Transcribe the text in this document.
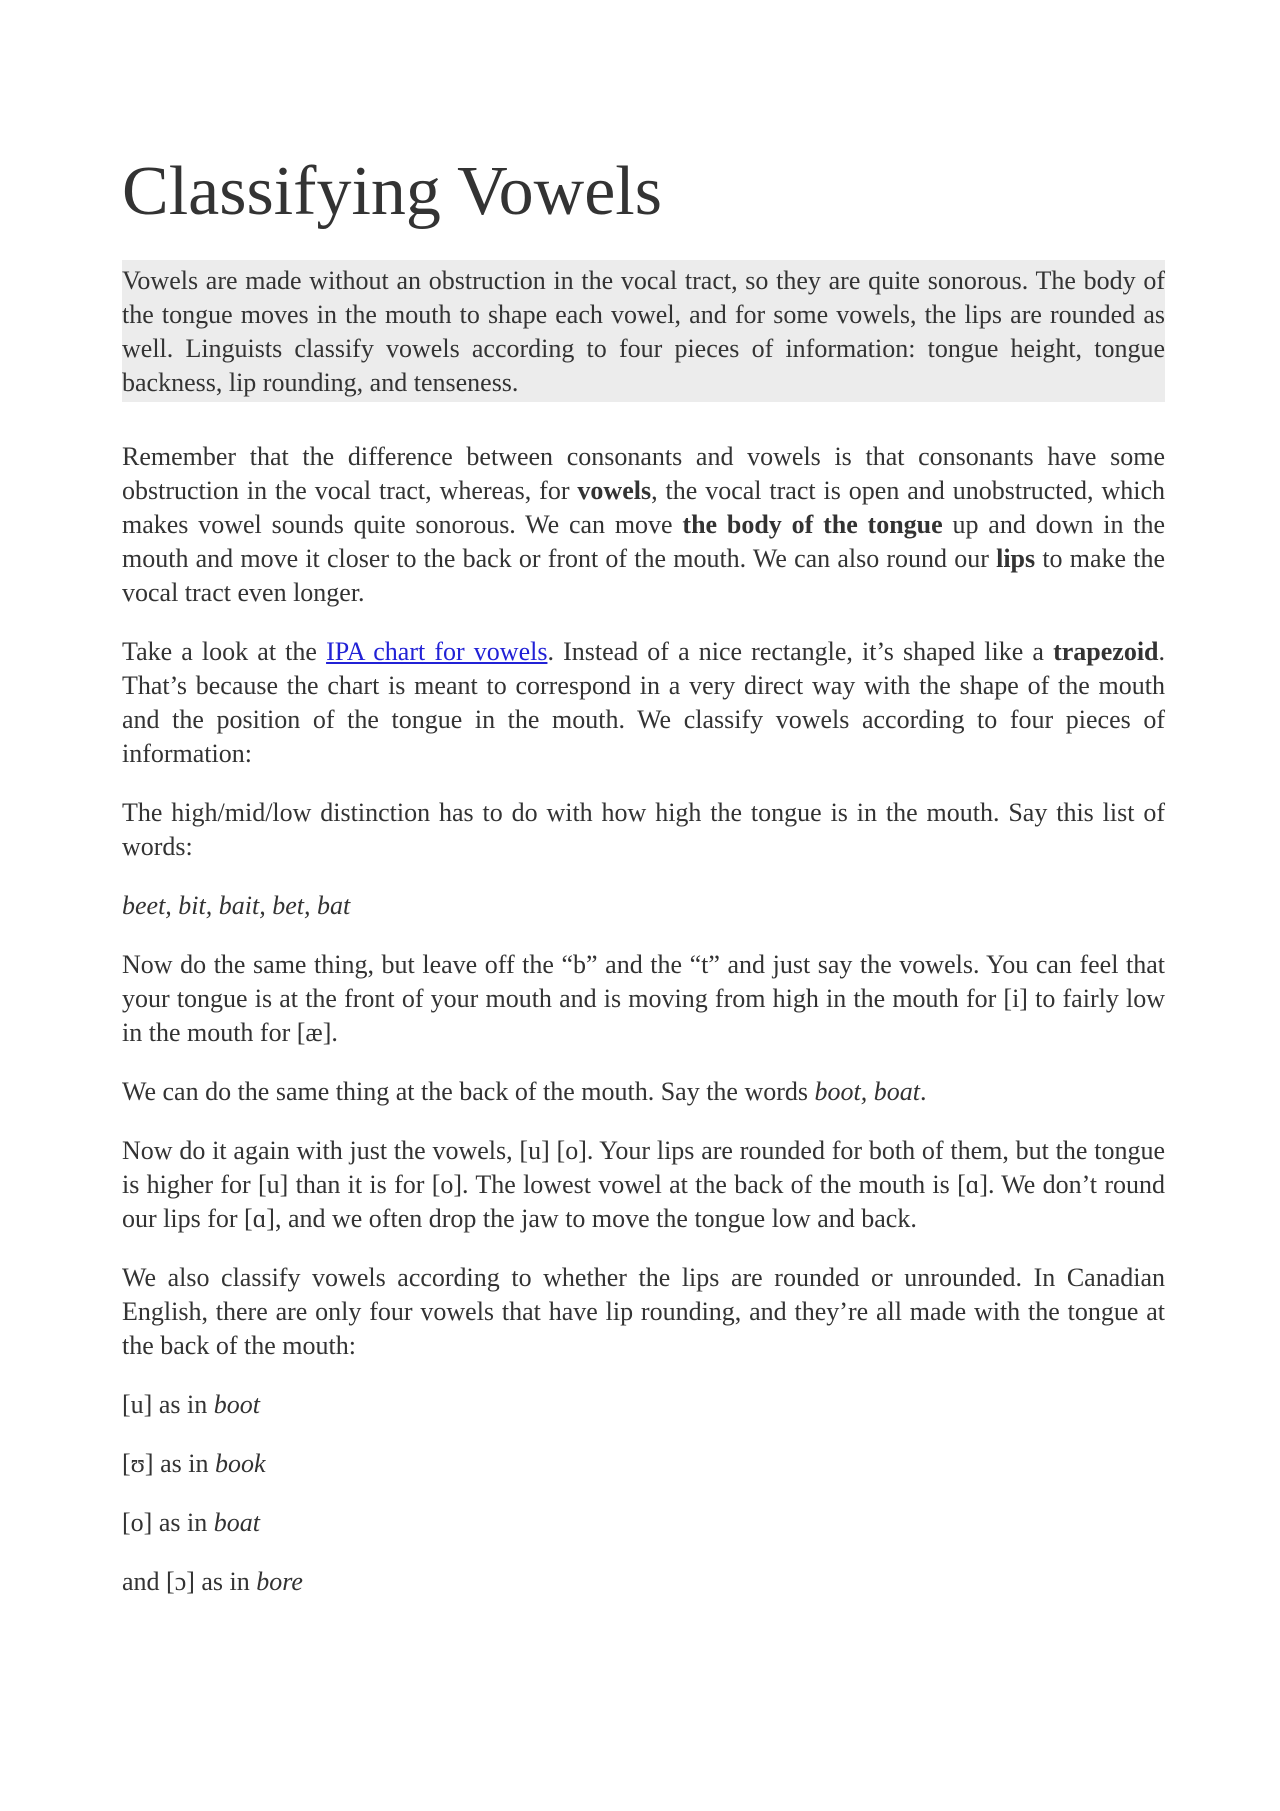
Classifying Vowels
Vowels are made without an obstruction in the vocal tract, so they are quite sonorous. The body of the tongue moves in the mouth to shape each vowel, and for some vowels, the lips are rounded as well. Linguists classify vowels according to four pieces of information: tongue height, tongue backness, lip rounding, and tenseness.

Remember that the difference between consonants and vowels is that consonants have some obstruction in the vocal tract, whereas, for vowels, the vocal tract is open and unobstructed, which makes vowel sounds quite sonorous. We can move the body of the tongue up and down in the mouth and move it closer to the back or front of the mouth. We can also round our lips to make the vocal tract even longer.

Take a look at the IPA chart for vowels. Instead of a nice rectangle, it’s shaped like a trapezoid. That’s because the chart is meant to correspond in a very direct way with the shape of the mouth and the position of the tongue in the mouth. We classify vowels according to four pieces of information:

The high/mid/low distinction has to do with how high the tongue is in the mouth. Say this list of words:

beet, bit, bait, bet, bat

Now do the same thing, but leave off the “b” and the “t” and just say the vowels. You can feel that your tongue is at the front of your mouth and is moving from high in the mouth for [i] to fairly low in the mouth for [æ].

We can do the same thing at the back of the mouth. Say the words boot, boat.

Now do it again with just the vowels, [u] [o]. Your lips are rounded for both of them, but the tongue is higher for [u] than it is for [o]. The lowest vowel at the back of the mouth is [ɑ]. We don’t round our lips for [ɑ], and we often drop the jaw to move the tongue low and back.

We also classify vowels according to whether the lips are rounded or unrounded. In Canadian English, there are only four vowels that have lip rounding, and they’re all made with the tongue at the back of the mouth:

[u] as in boot

[ʊ] as in book

[o] as in boat

and [ɔ] as in bore
